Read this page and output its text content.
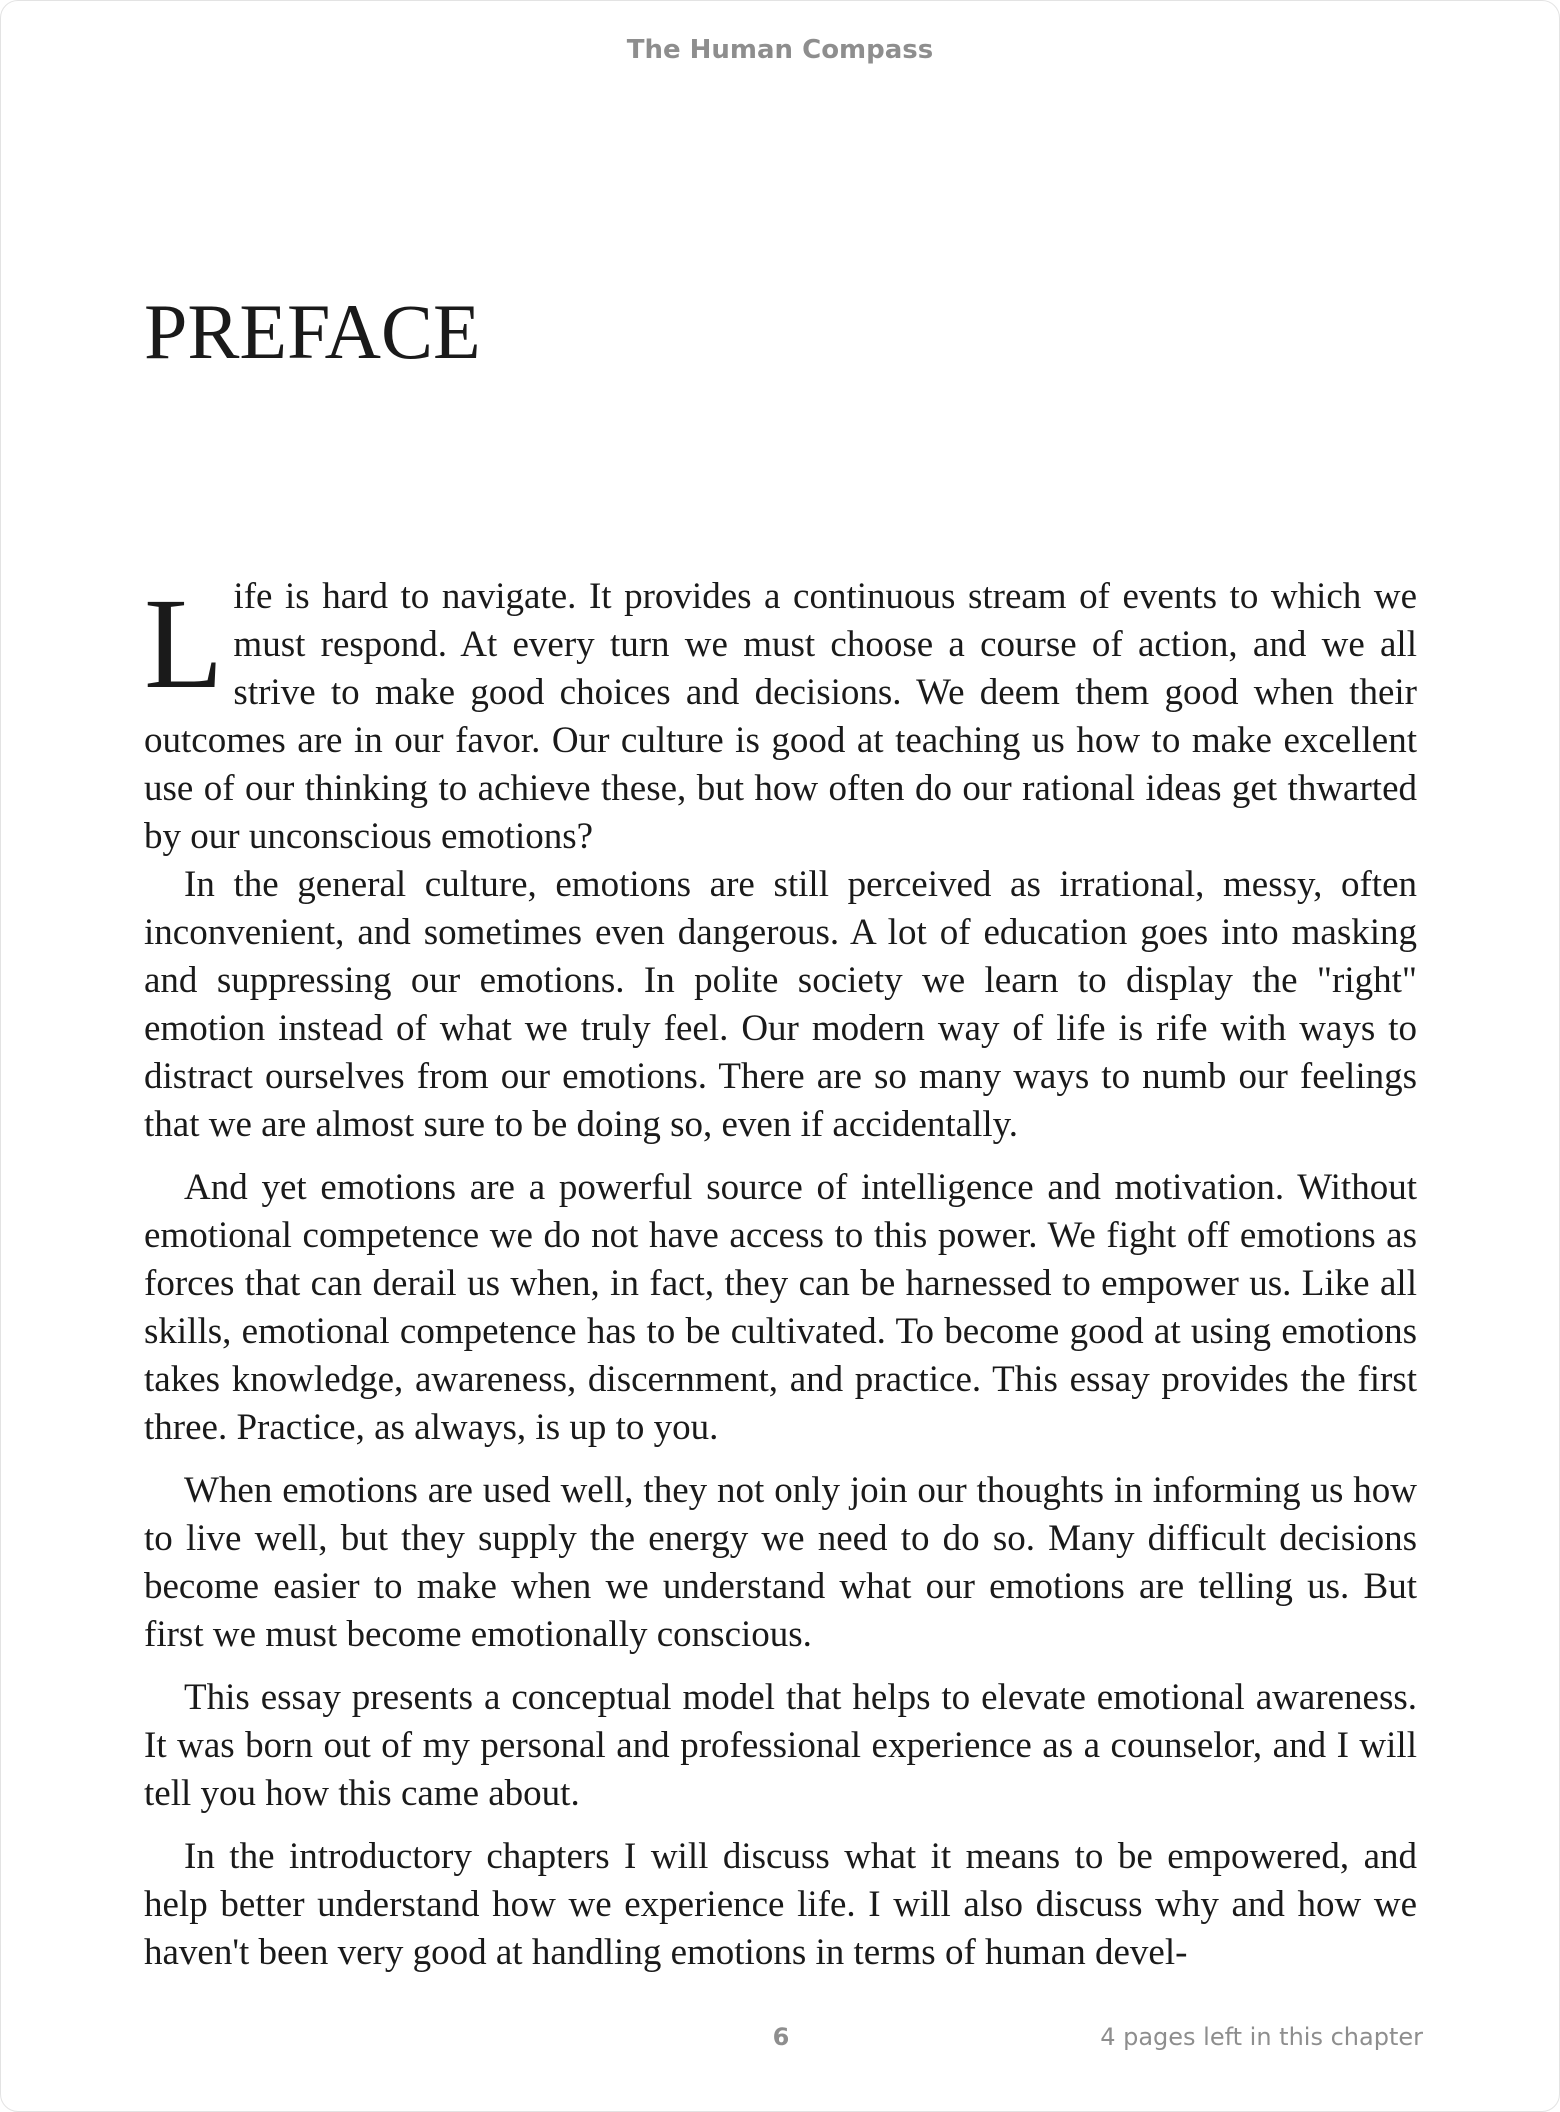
The Human Compass
PREFACE

Life is hard to navigate. It provides a continuous stream of events to which we must respond. At every turn we must choose a course of action, and we all strive to make good choices and decisions. We deem them good when their outcomes are in our favor. Our culture is good at teaching us how to make excellent use of our thinking to achieve these, but how often do our rational ideas get thwarted by our unconscious emotions?

In the general culture, emotions are still perceived as irrational, messy, often inconvenient, and sometimes even dangerous. A lot of education goes into masking and suppressing our emotions. In polite society we learn to display the "right" emotion instead of what we truly feel. Our modern way of life is rife with ways to distract ourselves from our emotions. There are so many ways to numb our feelings that we are almost sure to be doing so, even if accidentally.

And yet emotions are a powerful source of intelligence and motivation. Without emotional competence we do not have access to this power. We fight off emotions as forces that can derail us when, in fact, they can be harnessed to empower us. Like all skills, emotional competence has to be cultivated. To become good at using emotions takes knowledge, awareness, discernment, and practice. This essay provides the first three. Practice, as always, is up to you.

When emotions are used well, they not only join our thoughts in informing us how to live well, but they supply the energy we need to do so. Many difficult decisions become easier to make when we understand what our emotions are telling us. But first we must become emotionally conscious.

This essay presents a conceptual model that helps to elevate emotional awareness. It was born out of my personal and professional experience as a counselor, and I will tell you how this came about.

In the introductory chapters I will discuss what it means to be empowered, and help better understand how we experience life. I will also discuss why and how we haven't been very good at handling emotions in terms of human devel-

6	4 pages left in this chapter
